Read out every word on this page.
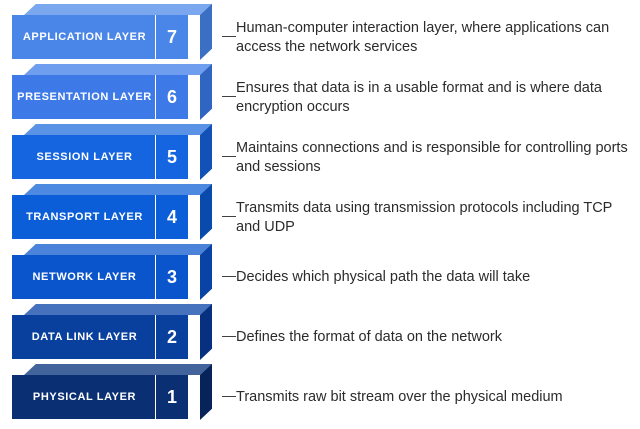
APPLICATION LAYER	7	— Human-computer interaction layer, where applications can access the network services
PRESENTATION LAYER 6	— Ensures that data is in a usable format and is where data encryption occurs
SESSION LAYER	5	— Maintains connections and is responsible for controlling ports and sessions
TRANSPORT LAYER	4	— Transmits data using transmission protocols including TCP and UDP
NETWORK LAYER	3	— Decides which physical path the data will take
DATA LINK LAYER	2	— Defines the format of data on the network
PHYSICAL LAYER	1	— Transmits raw bit stream over the physical medium
